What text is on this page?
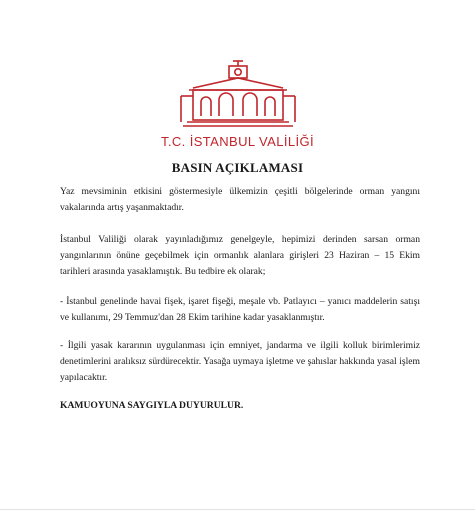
T.C. İSTANBUL VALİLİĞİ
BASIN AÇIKLAMASI

Yaz mevsiminin etkisini göstermesiyle ülkemizin çeşitli bölgelerinde orman yangını vakalarında artış yaşanmaktadır.

İstanbul Valiliği olarak yayınladığımız genelgeyle, hepimizi derinden sarsan orman yangınlarının önüne geçebilmek için ormanlık alanlara girişleri 23 Haziran – 15 Ekim tarihleri arasında yasaklamıştık. Bu tedbire ek olarak;

- İstanbul genelinde havai fişek, işaret fişeği, meşale vb. Patlayıcı – yanıcı maddelerin satışı ve kullanımı, 29 Temmuz'dan 28 Ekim tarihine kadar yasaklanmıştır.

- İlgili yasak kararının uygulanması için emniyet, jandarma ve ilgili kolluk birimlerimiz denetimlerini aralıksız sürdürecektir. Yasağa uymaya işletme ve şahıslar hakkında yasal işlem yapılacaktır.

KAMUOYUNA SAYGIYLA DUYURULUR.
